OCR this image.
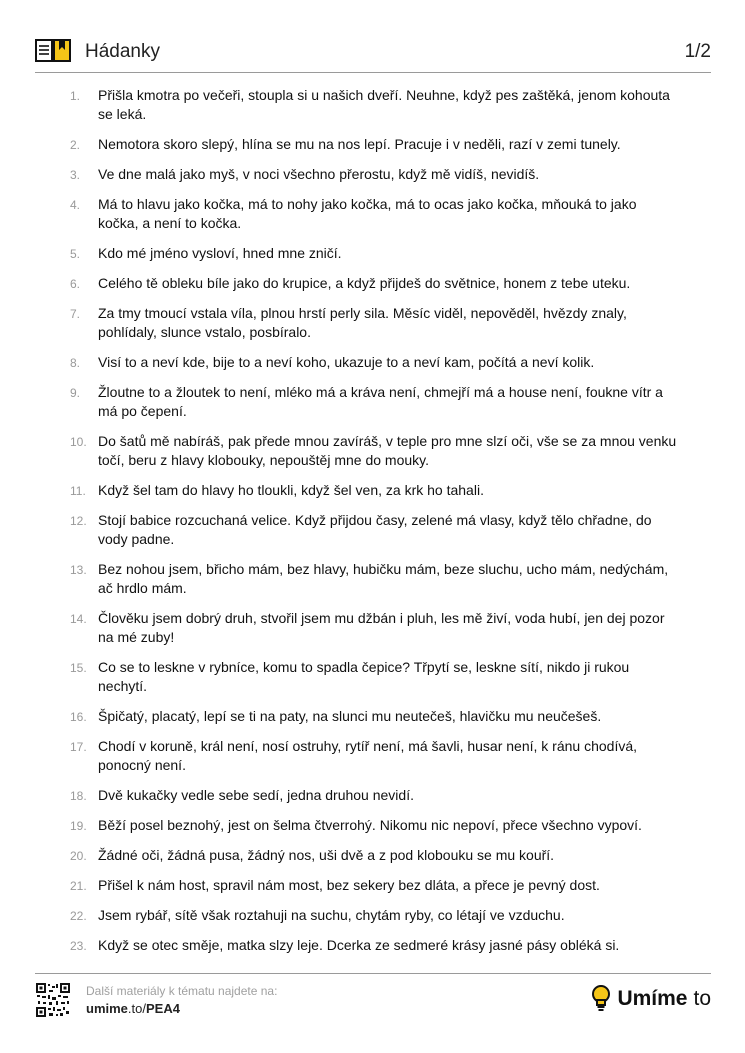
Hádanky	1/2
1. Přišla kmotra po večeři, stoupla si u našich dveří. Neuhne, když pes zaštěká, jenom kohouta se leká.
2. Nemotora skoro slepý, hlína se mu na nos lepí. Pracuje i v neděli, razí v zemi tunely.
3. Ve dne malá jako myš, v noci všechno přerostu, když mě vidíš, nevidíš.
4. Má to hlavu jako kočka, má to nohy jako kočka, má to ocas jako kočka, mňouká to jako kočka, a není to kočka.
5. Kdo mé jméno vysloví, hned mne zničí.
6. Celého tě obleku bíle jako do krupice, a když přijdeš do světnice, honem z tebe uteku.
7. Za tmy tmoucí vstala víla, plnou hrstí perly sila. Měsíc viděl, nepověděl, hvězdy znaly, pohlídaly, slunce vstalo, posbíralo.
8. Visí to a neví kde, bije to a neví koho, ukazuje to a neví kam, počítá a neví kolik.
9. Žloutne to a žloutek to není, mléko má a kráva není, chmejří má a house není, foukne vítr a má po čepení.
10. Do šatů mě nabíráš, pak přede mnou zavíráš, v teple pro mne slzí oči, vše se za mnou venku točí, beru z hlavy klobouky, nepouštěj mne do mouky.
11. Když šel tam do hlavy ho tloukli, když šel ven, za krk ho tahali.
12. Stojí babice rozcuchaná velice. Když přijdou časy, zelené má vlasy, když tělo chřadne, do vody padne.
13. Bez nohou jsem, břicho mám, bez hlavy, hubičku mám, beze sluchu, ucho mám, nedýchám, ač hrdlo mám.
14. Člověku jsem dobrý druh, stvořil jsem mu džbán i pluh, les mě živí, voda hubí, jen dej pozor na mé zuby!
15. Co se to leskne v rybníce, komu to spadla čepice? Třpytí se, leskne sítí, nikdo ji rukou nechytí.
16. Špičatý, placatý, lepí se ti na paty, na slunci mu neutečeš, hlavičku mu neučešeš.
17. Chodí v koruně, král není, nosí ostruhy, rytíř není, má šavli, husar není, k ránu chodívá, ponocný není.
18. Dvě kukačky vedle sebe sedí, jedna druhou nevidí.
19. Běží posel beznohý, jest on šelma čtverrohý. Nikomu nic nepoví, přece všechno vypoví.
20. Žádné oči, žádná pusa, žádný nos, uši dvě a z pod klobouku se mu kouří.
21. Přišel k nám host, spravil nám most, bez sekery bez dláta, a přece je pevný dost.
22. Jsem rybář, sítě však roztahuji na suchu, chytám ryby, co létají ve vzduchu.
23. Když se otec směje, matka slzy leje. Dcerka ze sedmeré krásy jasné pásy obléká si.
Další materiály k tématu najdete na:
umime.to/PEA4	Umíme to
